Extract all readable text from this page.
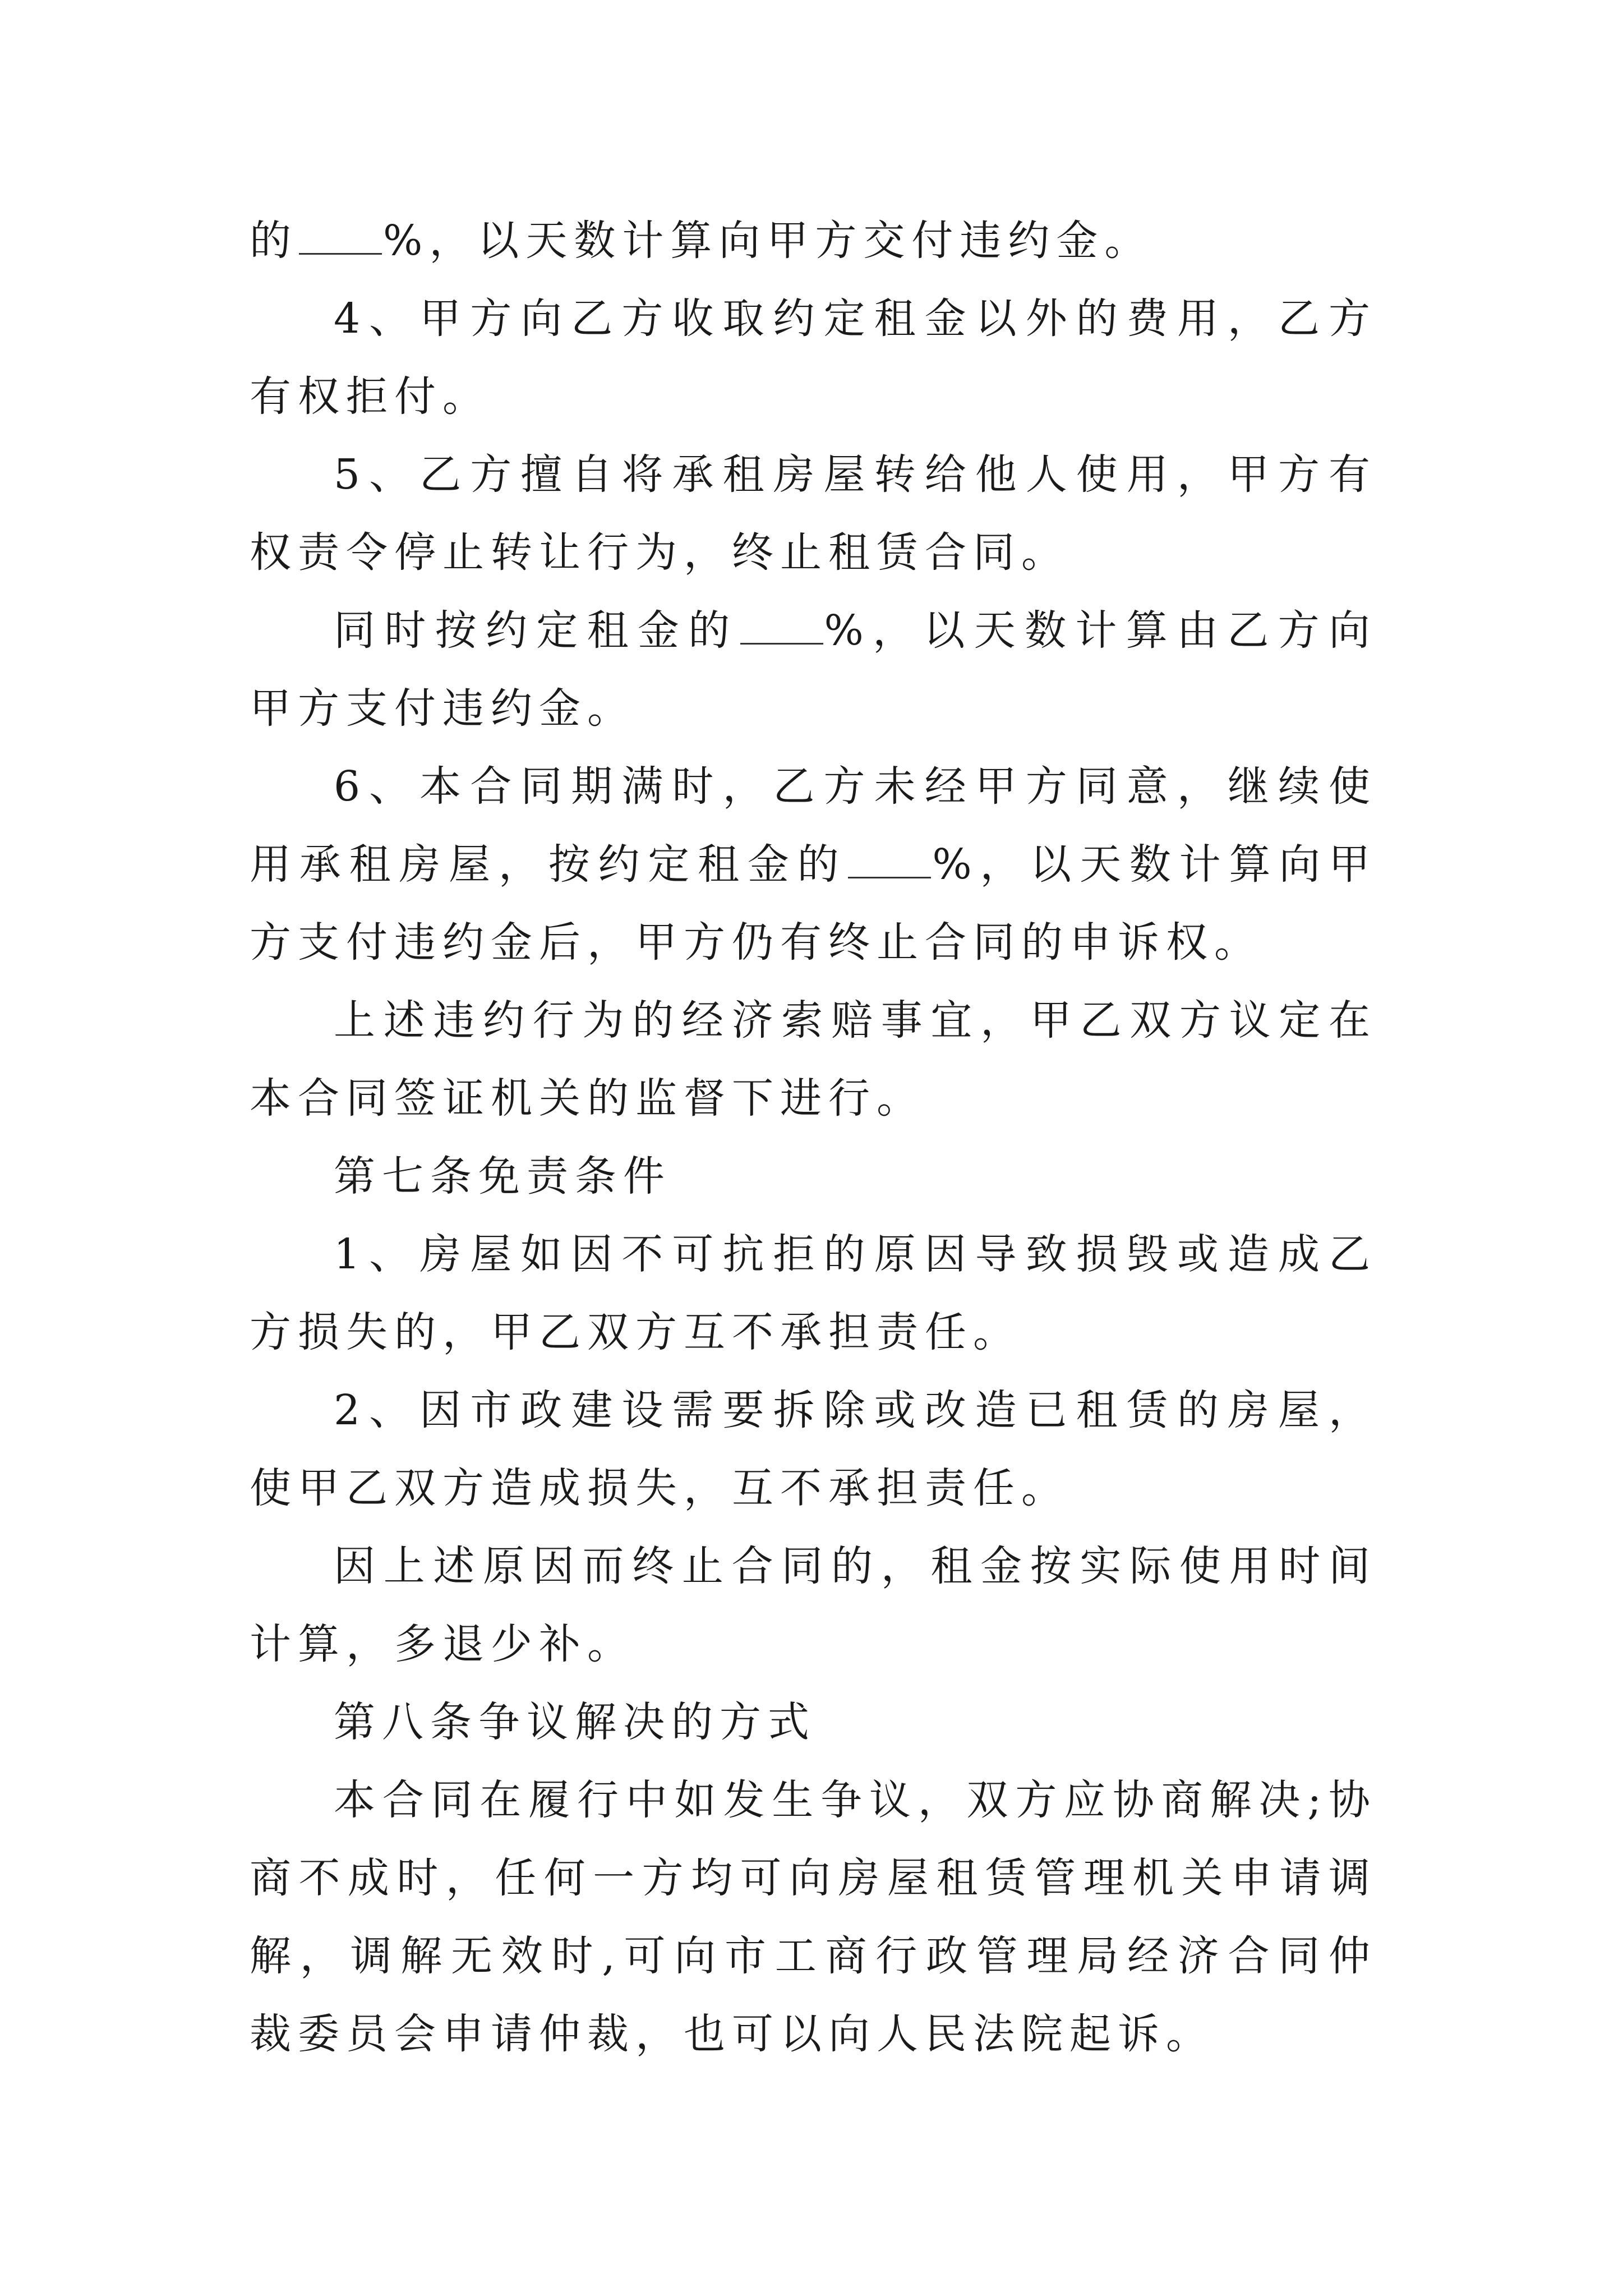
的 %，以天数计算向甲方交付违约金。

4、甲方向乙方收取约定租金以外的费用，乙方有权拒付。

5、乙方擅自将承租房屋转给他人使用，甲方有权责令停止转让行为，终止租赁合同。

同时按约定租金的 %，以天数计算由乙方向甲方支付违约金。

6、本合同期满时，乙方未经甲方同意，继续使用承租房屋，按约定租金的 %，以天数计算向甲方支付违约金后，甲方仍有终止合同的申诉权。

上述违约行为的经济索赔事宜，甲乙双方议定在本合同签证机关的监督下进行。

第七条免责条件

1、房屋如因不可抗拒的原因导致损毁或造成乙方损失的，甲乙双方互不承担责任。

2、因市政建设需要拆除或改造已租赁的房屋，使甲乙双方造成损失，互不承担责任。

因上述原因而终止合同的，租金按实际使用时间计算，多退少补。

第八条争议解决的方式

本合同在履行中如发生争议，双方应协商解决;协商不成时，任何一方均可向房屋租赁管理机关申请调解，调解无效时,可向市工商行政管理局经济合同仲裁委员会申请仲裁，也可以向人民法院起诉。
